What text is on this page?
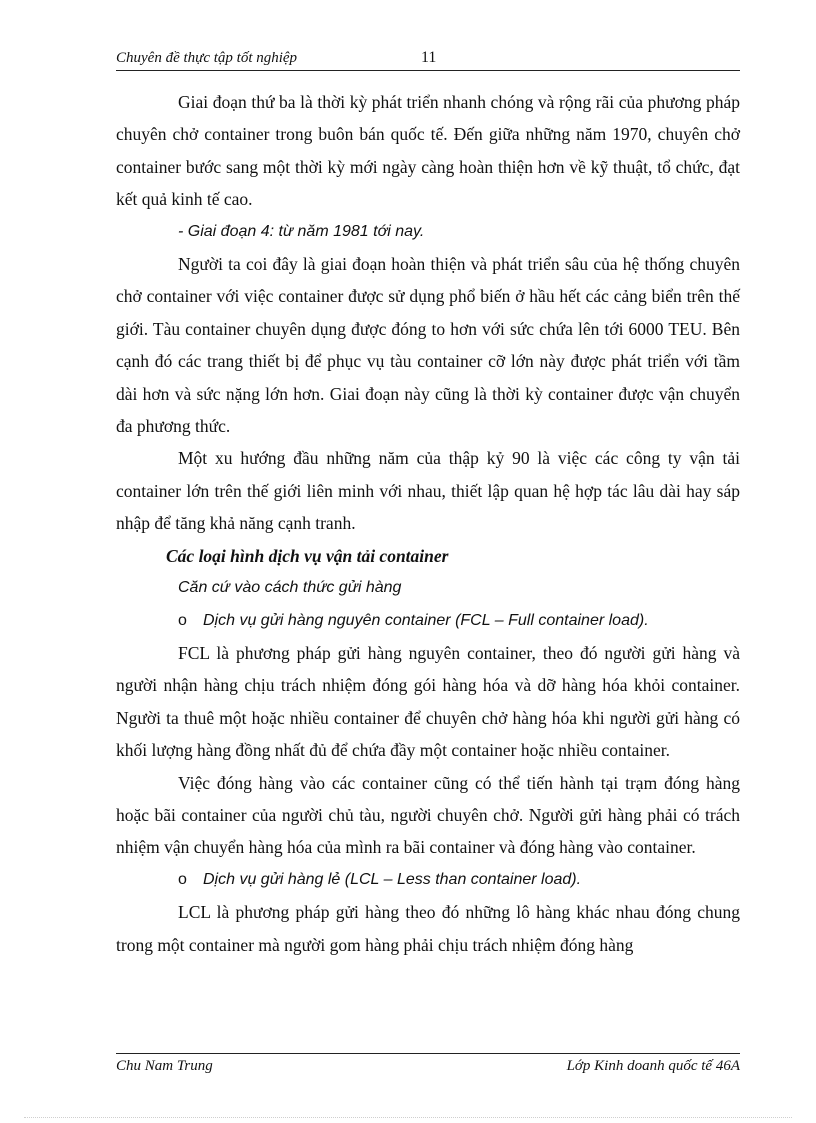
Chuyên đề thực tập tốt nghiệp	11

Giai đoạn thứ ba là thời kỳ phát triển nhanh chóng và rộng rãi của phương pháp chuyên chở container trong buôn bán quốc tế. Đến giữa những năm 1970, chuyên chở container bước sang một thời kỳ mới ngày càng hoàn thiện hơn về kỹ thuật, tổ chức, đạt kết quả kinh tế cao.

- Giai đoạn 4: từ năm 1981 tới nay.

Người ta coi đây là giai đoạn hoàn thiện và phát triển sâu của hệ thống chuyên chở container với việc container được sử dụng phổ biến ở hầu hết các cảng biển trên thế giới. Tàu container chuyên dụng được đóng to hơn với sức chứa lên tới 6000 TEU. Bên cạnh đó các trang thiết bị để phục vụ tàu container cỡ lớn này được phát triển với tầm dài hơn và sức nặng lớn hơn. Giai đoạn này cũng là thời kỳ container được vận chuyển đa phương thức.

Một xu hướng đầu những năm của thập kỷ 90 là việc các công ty vận tải container lớn trên thế giới liên minh với nhau, thiết lập quan hệ hợp tác lâu dài hay sáp nhập để tăng khả năng cạnh tranh.

Các loại hình dịch vụ vận tải container

Căn cứ vào cách thức gửi hàng

o Dịch vụ gửi hàng nguyên container (FCL – Full container load).

FCL là phương pháp gửi hàng nguyên container, theo đó người gửi hàng và người nhận hàng chịu trách nhiệm đóng gói hàng hóa và dỡ hàng hóa khỏi container. Người ta thuê một hoặc nhiều container để chuyên chở hàng hóa khi người gửi hàng có khối lượng hàng đồng nhất đủ để chứa đầy một container hoặc nhiều container.

Việc đóng hàng vào các container cũng có thể tiến hành tại trạm đóng hàng hoặc bãi container của người chủ tàu, người chuyên chở. Người gửi hàng phải có trách nhiệm vận chuyển hàng hóa của mình ra bãi container và đóng hàng vào container.

o Dịch vụ gửi hàng lẻ (LCL – Less than container load).

LCL là phương pháp gửi hàng theo đó những lô hàng khác nhau đóng chung trong một container mà người gom hàng phải chịu trách nhiệm đóng hàng

Chu Nam Trung	Lớp Kinh doanh quốc tế 46A
